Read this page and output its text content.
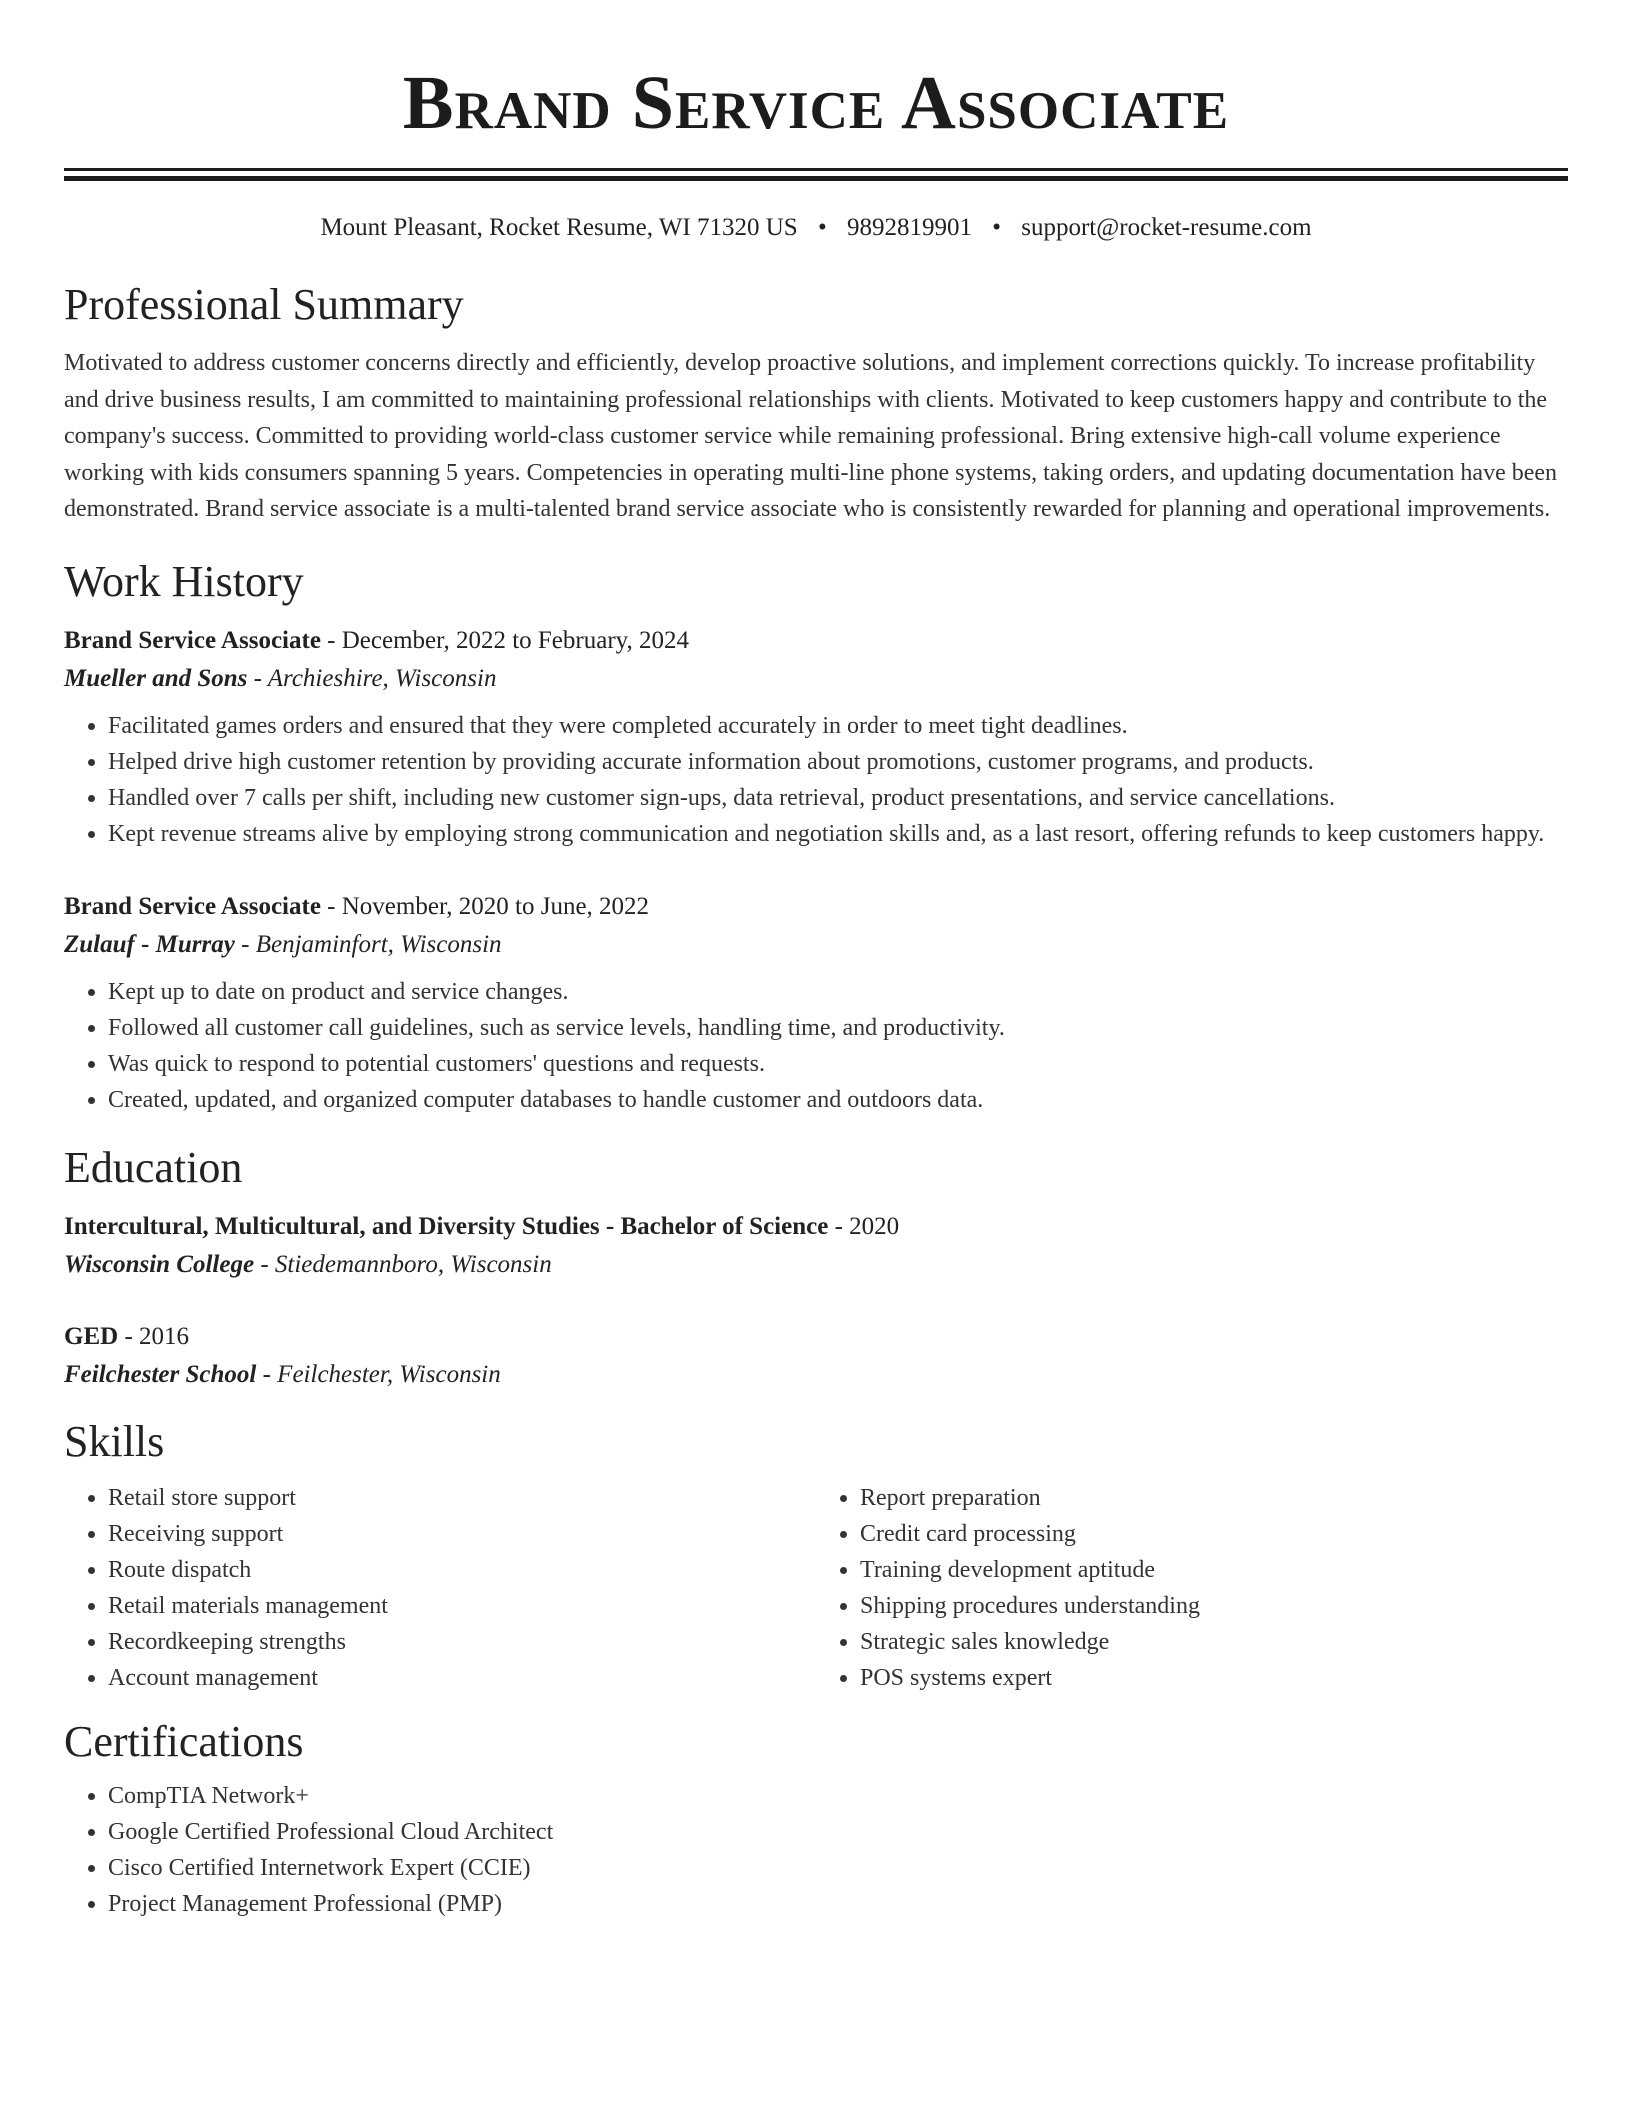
Brand Service Associate
Mount Pleasant, Rocket Resume, WI 71320 US • 9892819901 • support@rocket-resume.com
Professional Summary

Motivated to address customer concerns directly and efficiently, develop proactive solutions, and implement corrections quickly. To increase profitability and drive business results, I am committed to maintaining professional relationships with clients. Motivated to keep customers happy and contribute to the company's success. Committed to providing world-class customer service while remaining professional. Bring extensive high-call volume experience working with kids consumers spanning 5 years. Competencies in operating multi-line phone systems, taking orders, and updating documentation have been demonstrated. Brand service associate is a multi-talented brand service associate who is consistently rewarded for planning and operational improvements.

Work History
Brand Service Associate - December, 2022 to February, 2024
Mueller and Sons - Archieshire, Wisconsin
• Facilitated games orders and ensured that they were completed accurately in order to meet tight deadlines.
• Helped drive high customer retention by providing accurate information about promotions, customer programs, and products.
• Handled over 7 calls per shift, including new customer sign-ups, data retrieval, product presentations, and service cancellations.
• Kept revenue streams alive by employing strong communication and negotiation skills and, as a last resort, offering refunds to keep customers happy.
Brand Service Associate - November, 2020 to June, 2022
Zulauf - Murray - Benjaminfort, Wisconsin
• Kept up to date on product and service changes.
• Followed all customer call guidelines, such as service levels, handling time, and productivity.
• Was quick to respond to potential customers' questions and requests.
• Created, updated, and organized computer databases to handle customer and outdoors data.
Education
Intercultural, Multicultural, and Diversity Studies - Bachelor of Science - 2020
Wisconsin College - Stiedemannboro, Wisconsin
GED - 2016
Feilchester School - Feilchester, Wisconsin
Skills
• Retail store support
• Receiving support
• Route dispatch
• Retail materials management
• Recordkeeping strengths
• Account management
• Report preparation
• Credit card processing
• Training development aptitude
• Shipping procedures understanding
• Strategic sales knowledge
• POS systems expert
Certifications
• CompTIA Network+
• Google Certified Professional Cloud Architect
• Cisco Certified Internetwork Expert (CCIE)
• Project Management Professional (PMP)
